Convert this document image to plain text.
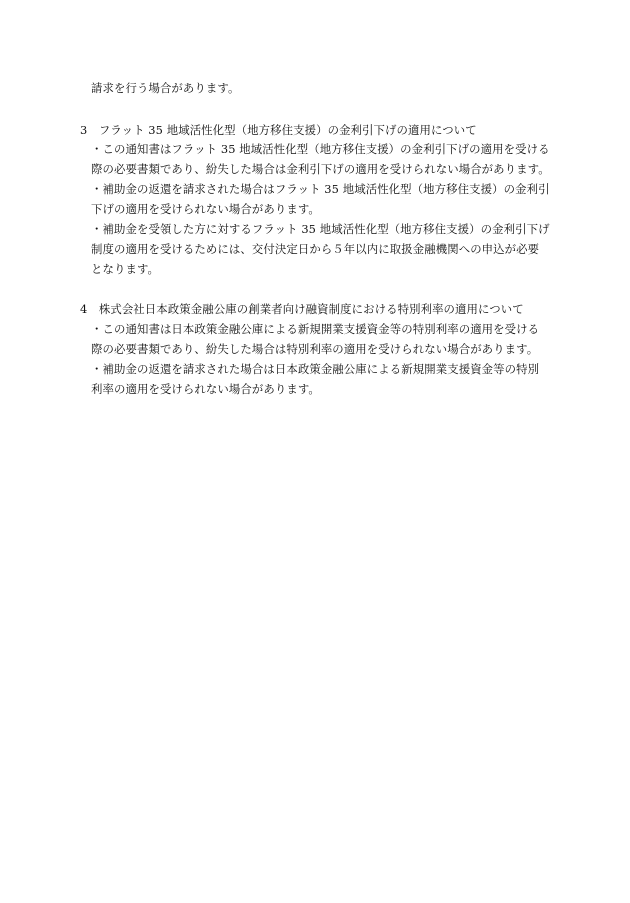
請求を行う場合があります。
3　フラット 35 地域活性化型（地方移住支援）の金利引下げの適用について
・この通知書はフラット 35 地域活性化型（地方移住支援）の金利引下げの適用を受ける
際の必要書類であり、紛失した場合は金利引下げの適用を受けられない場合があります。
・補助金の返還を請求された場合はフラット 35 地域活性化型（地方移住支援）の金利引
下げの適用を受けられない場合があります。
・補助金を受領した方に対するフラット 35 地域活性化型（地方移住支援）の金利引下げ
制度の適用を受けるためには、交付決定日から５年以内に取扱金融機関への申込が必要
となります。
4　株式会社日本政策金融公庫の創業者向け融資制度における特別利率の適用について
・この通知書は日本政策金融公庫による新規開業支援資金等の特別利率の適用を受ける
際の必要書類であり、紛失した場合は特別利率の適用を受けられない場合があります。
・補助金の返還を請求された場合は日本政策金融公庫による新規開業支援資金等の特別
利率の適用を受けられない場合があります。
